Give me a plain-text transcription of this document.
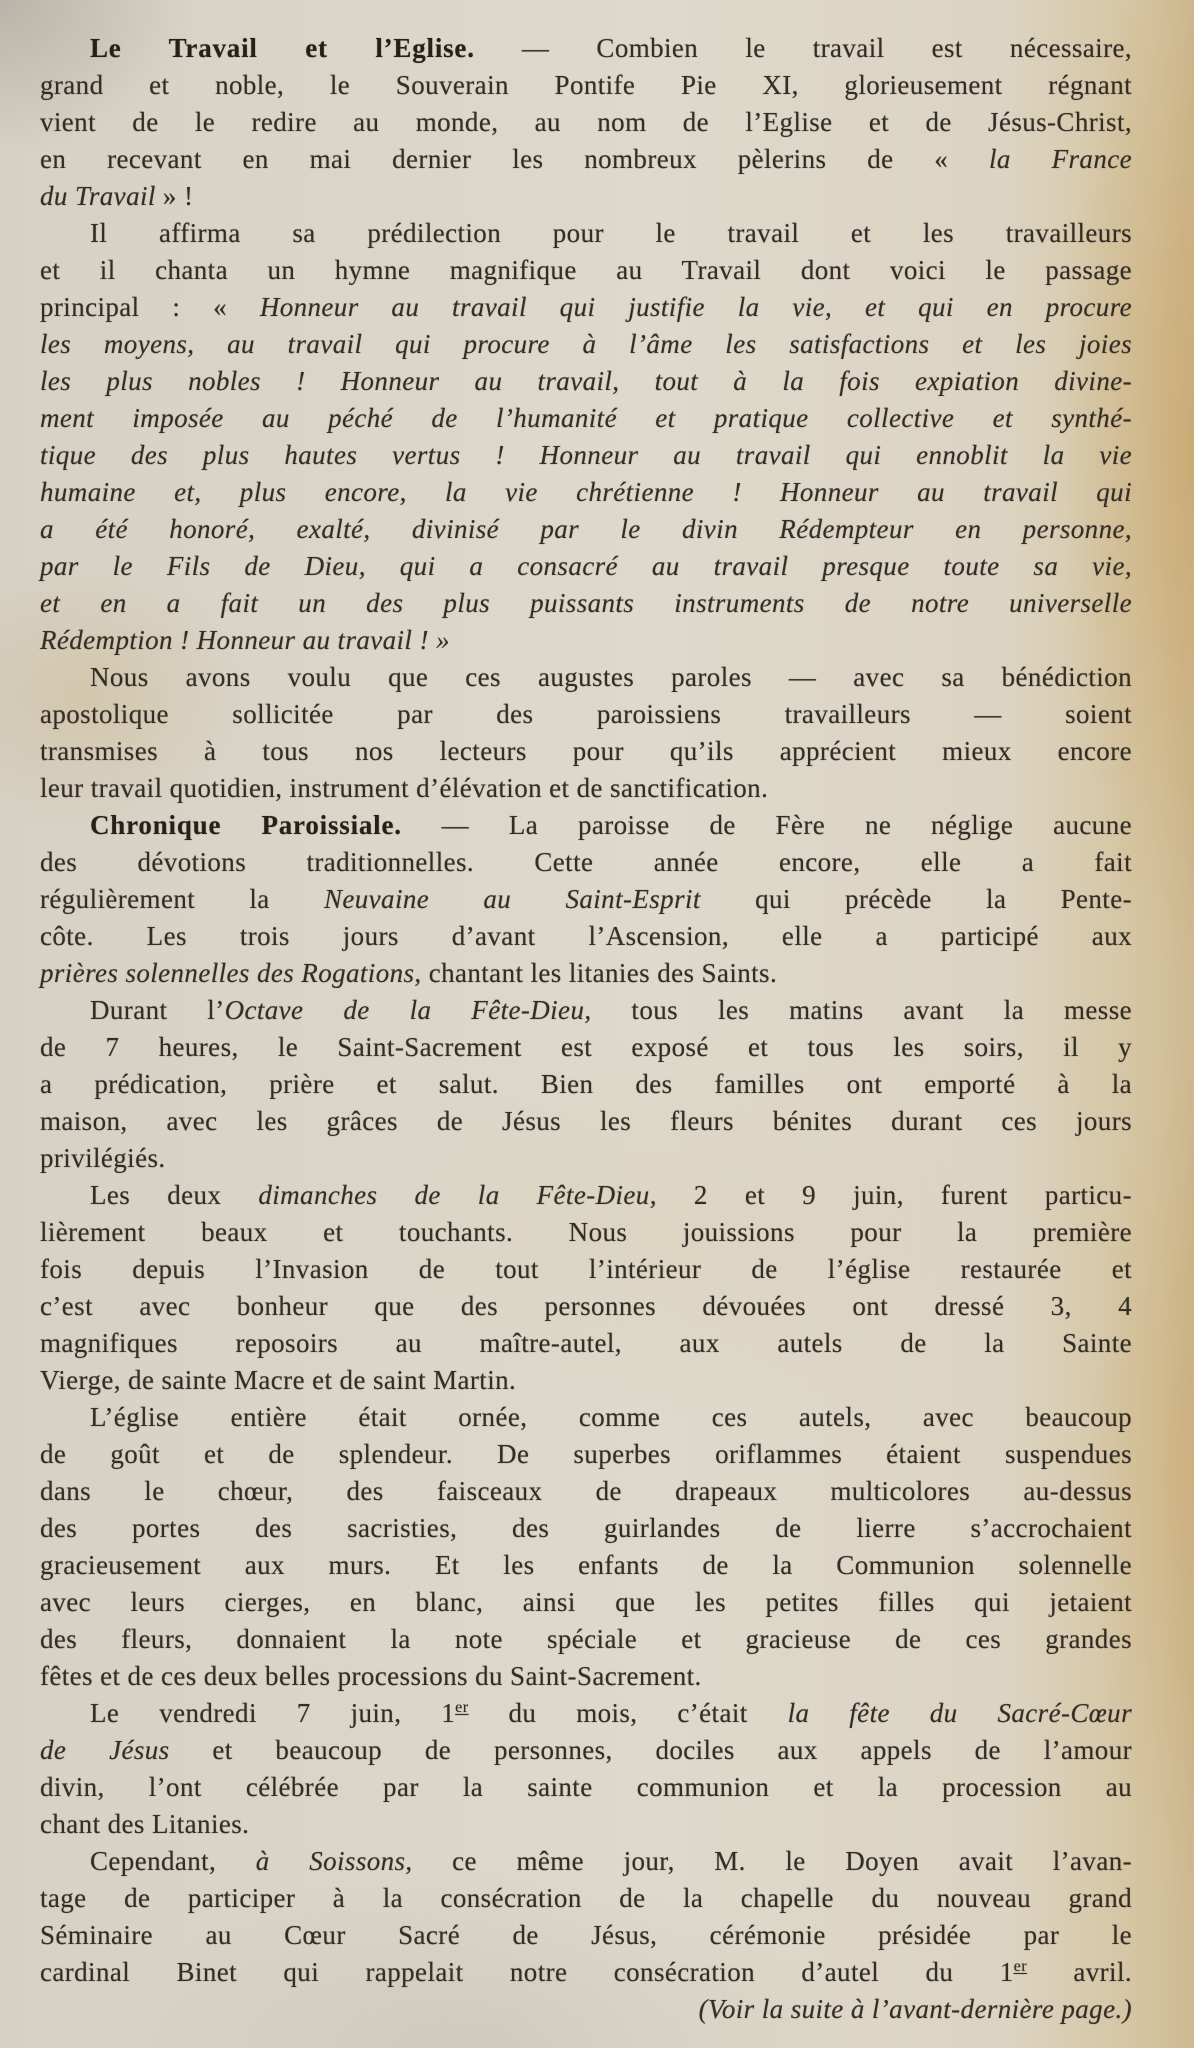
Le Travail et l’Eglise. — Combien le travail est nécessaire,
grand et noble, le Souverain Pontife Pie XI, glorieusement régnant
vient de le redire au monde, au nom de l’Eglise et de Jésus-Christ,
en recevant en mai dernier les nombreux pèlerins de « la France
du Travail » !
Il affirma sa prédilection pour le travail et les travailleurs
et il chanta un hymne magnifique au Travail dont voici le passage
principal : « Honneur au travail qui justifie la vie, et qui en procure
les moyens, au travail qui procure à l’âme les satisfactions et les joies
les plus nobles ! Honneur au travail, tout à la fois expiation divine-
ment imposée au péché de l’humanité et pratique collective et synthé-
tique des plus hautes vertus ! Honneur au travail qui ennoblit la vie
humaine et, plus encore, la vie chrétienne ! Honneur au travail qui
a été honoré, exalté, divinisé par le divin Rédempteur en personne,
par le Fils de Dieu, qui a consacré au travail presque toute sa vie,
et en a fait un des plus puissants instruments de notre universelle
Rédemption ! Honneur au travail ! »
Nous avons voulu que ces augustes paroles — avec sa bénédiction
apostolique sollicitée par des paroissiens travailleurs — soient
transmises à tous nos lecteurs pour qu’ils apprécient mieux encore
leur travail quotidien, instrument d’élévation et de sanctification.
Chronique Paroissiale. — La paroisse de Fère ne néglige aucune
des dévotions traditionnelles. Cette année encore, elle a fait
régulièrement la Neuvaine au Saint-Esprit qui précède la Pente-
côte. Les trois jours d’avant l’Ascension, elle a participé aux
prières solennelles des Rogations, chantant les litanies des Saints.
Durant l’Octave de la Fête-Dieu, tous les matins avant la messe
de 7 heures, le Saint-Sacrement est exposé et tous les soirs, il y
a prédication, prière et salut. Bien des familles ont emporté à la
maison, avec les grâces de Jésus les fleurs bénites durant ces jours
privilégiés.
Les deux dimanches de la Fête-Dieu, 2 et 9 juin, furent particu-
lièrement beaux et touchants. Nous jouissions pour la première
fois depuis l’Invasion de tout l’intérieur de l’église restaurée et
c’est avec bonheur que des personnes dévouées ont dressé 3, 4
magnifiques reposoirs au maître-autel, aux autels de la Sainte
Vierge, de sainte Macre et de saint Martin.
L’église entière était ornée, comme ces autels, avec beaucoup
de goût et de splendeur. De superbes oriflammes étaient suspendues
dans le chœur, des faisceaux de drapeaux multicolores au-dessus
des portes des sacristies, des guirlandes de lierre s’accrochaient
gracieusement aux murs. Et les enfants de la Communion solennelle
avec leurs cierges, en blanc, ainsi que les petites filles qui jetaient
des fleurs, donnaient la note spéciale et gracieuse de ces grandes
fêtes et de ces deux belles processions du Saint-Sacrement.
Le vendredi 7 juin, 1er du mois, c’était la fête du Sacré-Cœur
de Jésus et beaucoup de personnes, dociles aux appels de l’amour
divin, l’ont célébrée par la sainte communion et la procession au
chant des Litanies.
Cependant, à Soissons, ce même jour, M. le Doyen avait l’avan-
tage de participer à la consécration de la chapelle du nouveau grand
Séminaire au Cœur Sacré de Jésus, cérémonie présidée par le
cardinal Binet qui rappelait notre consécration d’autel du 1er avril.
(Voir la suite à l’avant-dernière page.)
